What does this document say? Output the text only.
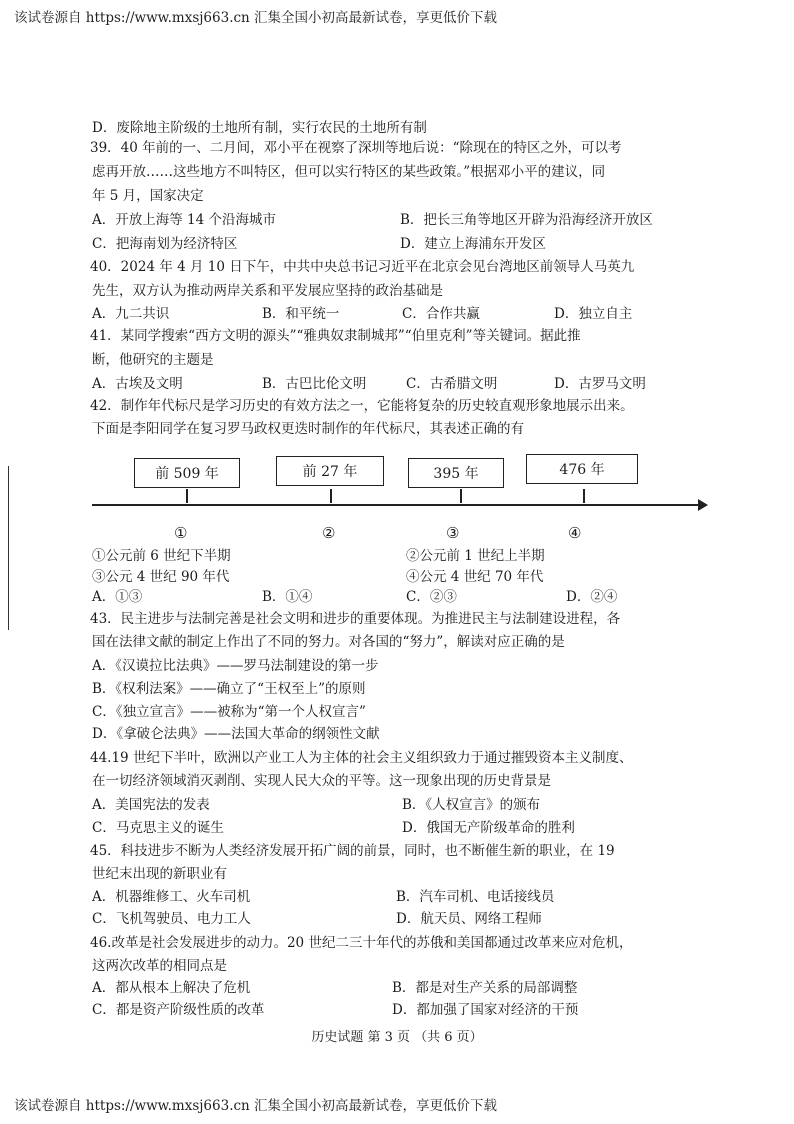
该试卷源自 https://www.mxsj663.cn 汇集全国小初高最新试卷，享更低价下载
D．废除地主阶级的土地所有制，实行农民的土地所有制
39．40 年前的一、二月间，邓小平在视察了深圳等地后说：“除现在的特区之外，可以考
虑再开放……这些地方不叫特区，但可以实行特区的某些政策。”根据邓小平的建议，同
年 5 月，国家决定
A．开放上海等 14 个沿海城市	B．把长三角等地区开辟为沿海经济开放区
C．把海南划为经济特区	D．建立上海浦东开发区
40．2024 年 4 月 10 日下午，中共中央总书记习近平在北京会见台湾地区前领导人马英九
先生，双方认为推动两岸关系和平发展应坚持的政治基础是
A．九二共识	B．和平统一	C．合作共赢	D．独立自主
41．某同学搜索“西方文明的源头”“雅典奴隶制城邦”“伯里克利”等关键词。据此推
断，他研究的主题是
A．古埃及文明	B．古巴比伦文明	C．古希腊文明	D．古罗马文明
42．制作年代标尺是学习历史的有效方法之一，它能将复杂的历史较直观形象地展示出来。
下面是李阳同学在复习罗马政权更迭时制作的年代标尺，其表述正确的有
前 509 年	前 27 年	395 年	476 年
①	②	③	④
①公元前 6 世纪下半期	②公元前 1 世纪上半期
③公元 4 世纪 90 年代	④公元 4 世纪 70 年代
A．①③	B．①④	C．②③	D．②④
43．民主进步与法制完善是社会文明和进步的重要体现。为推进民主与法制建设进程，各
国在法律文献的制定上作出了不同的努力。对各国的“努力”，解读对应正确的是
A．《汉谟拉比法典》——罗马法制建设的第一步
B．《权利法案》——确立了“王权至上”的原则
C．《独立宣言》——被称为“第一个人权宣言”
D．《拿破仑法典》——法国大革命的纲领性文献
44.19 世纪下半叶，欧洲以产业工人为主体的社会主义组织致力于通过摧毁资本主义制度、
在一切经济领域消灭剥削、实现人民大众的平等。这一现象出现的历史背景是
A．美国宪法的发表	B．《人权宣言》的颁布
C．马克思主义的诞生	D．俄国无产阶级革命的胜利
45．科技进步不断为人类经济发展开拓广阔的前景，同时，也不断催生新的职业，在 19
世纪末出现的新职业有
A．机器维修工、火车司机	B．汽车司机、电话接线员
C．飞机驾驶员、电力工人	D．航天员、网络工程师
46.改革是社会发展进步的动力。20 世纪二三十年代的苏俄和美国都通过改革来应对危机，
这两次改革的相同点是
A．都从根本上解决了危机	B．都是对生产关系的局部调整
C．都是资产阶级性质的改革	D．都加强了国家对经济的干预
历史试题 第 3 页 （共 6 页）
该试卷源自 https://www.mxsj663.cn 汇集全国小初高最新试卷，享更低价下载
